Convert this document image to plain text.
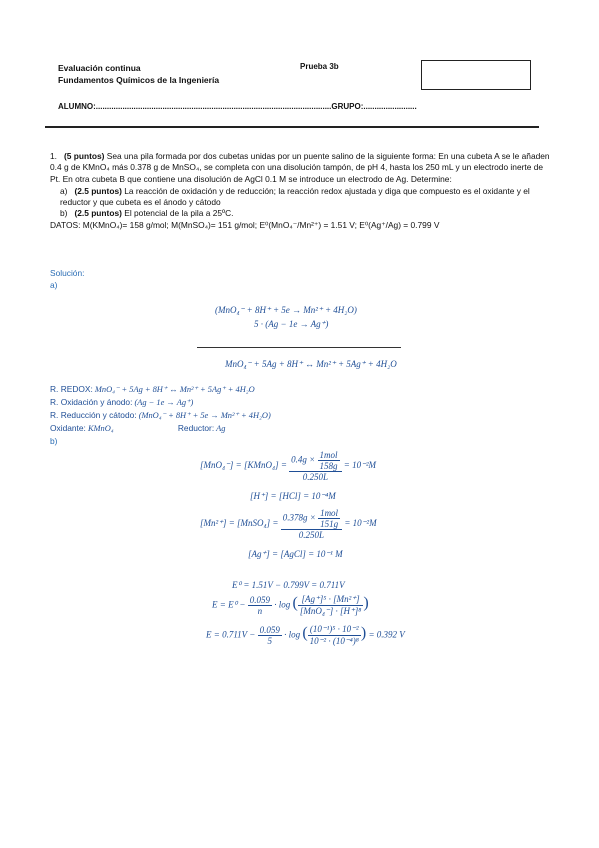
Evaluación continua
Fundamentos Químicos de la Ingeniería
Prueba 3b
ALUMNO:..........................................................................................................GRUPO:........................
1. (5 puntos) Sea una pila formada por dos cubetas unidas por un puente salino de la siguiente forma: En una cubeta A se le añaden 0.4 g de KMnO₄ más 0.378 g de MnSO₄, se completa con una disolución tampón, de pH 4, hasta los 250 mL y un electrodo inerte de Pt. En otra cubeta B que contiene una disolución de AgCl 0.1 M se introduce un electrodo de Ag. Determine:
a) (2.5 puntos) La reacción de oxidación y de reducción; la reacción redox ajustada y diga que compuesto es el oxidante y el reductor y que cubeta es el ánodo y cátodo
b) (2.5 puntos) El potencial de la pila a 25ºC.
DATOS: M(KMnO₄)= 158 g/mol; M(MnSO₄)= 151 g/mol; E⁰(MnO₄⁻/Mn²⁺) = 1.51 V; E⁰(Ag⁺/Ag) = 0.799 V
Solución:
a)
(MnO₄⁻ + 8H⁺ + 5e → Mn²⁺ + 4H₂O)
5 · (Ag − 1e → Ag⁺)
MnO₄⁻ + 5Ag + 8H⁺ ↔ Mn²⁺ + 5Ag⁺ + 4H₂O
R. REDOX: MnO₄⁻ + 5Ag + 8H⁺ ↔ Mn²⁺ + 5Ag⁺ + 4H₂O
R. Oxidación y ánodo: (Ag − 1e → Ag⁺)
R. Reducción y cátodo: (MnO₄⁻ + 8H⁺ + 5e → Mn²⁺ + 4H₂O)
Oxidante: KMnO₄	Reductor: Ag
b)
[MnO₄⁻] = [KMnO₄] = $\frac{0.4g \times \frac{\text{1mol}}{158g}}{0.250L} = 10^{-2}M$
[H⁺] = [HCl] = 10⁻⁴M
[Mn²⁺] = [MnSO₄] = $\frac{0.378g \times \frac{\text{1mol}}{151g}}{0.250L} = 10^{-2}M$
[Ag⁺] = [AgCl] = 10⁻¹ M
E⁰ = 1.51V − 0.799V = 0.711V
$E = E^0 - \frac{0.059}{n} \cdot \log$ ( $\frac{\text{[Ag⁺]⁵ · [Mn²⁺]}}{\text{[MnO₄⁻] · [H⁺]⁸}}$ )
$E = 0.711V - \frac{0.059}{5} \cdot \log$ ( $\frac{\text{(10⁻¹)⁵ · 10⁻²}}{\text{10⁻² · (10⁻⁴)⁸}}$ ) = 0.392 V
